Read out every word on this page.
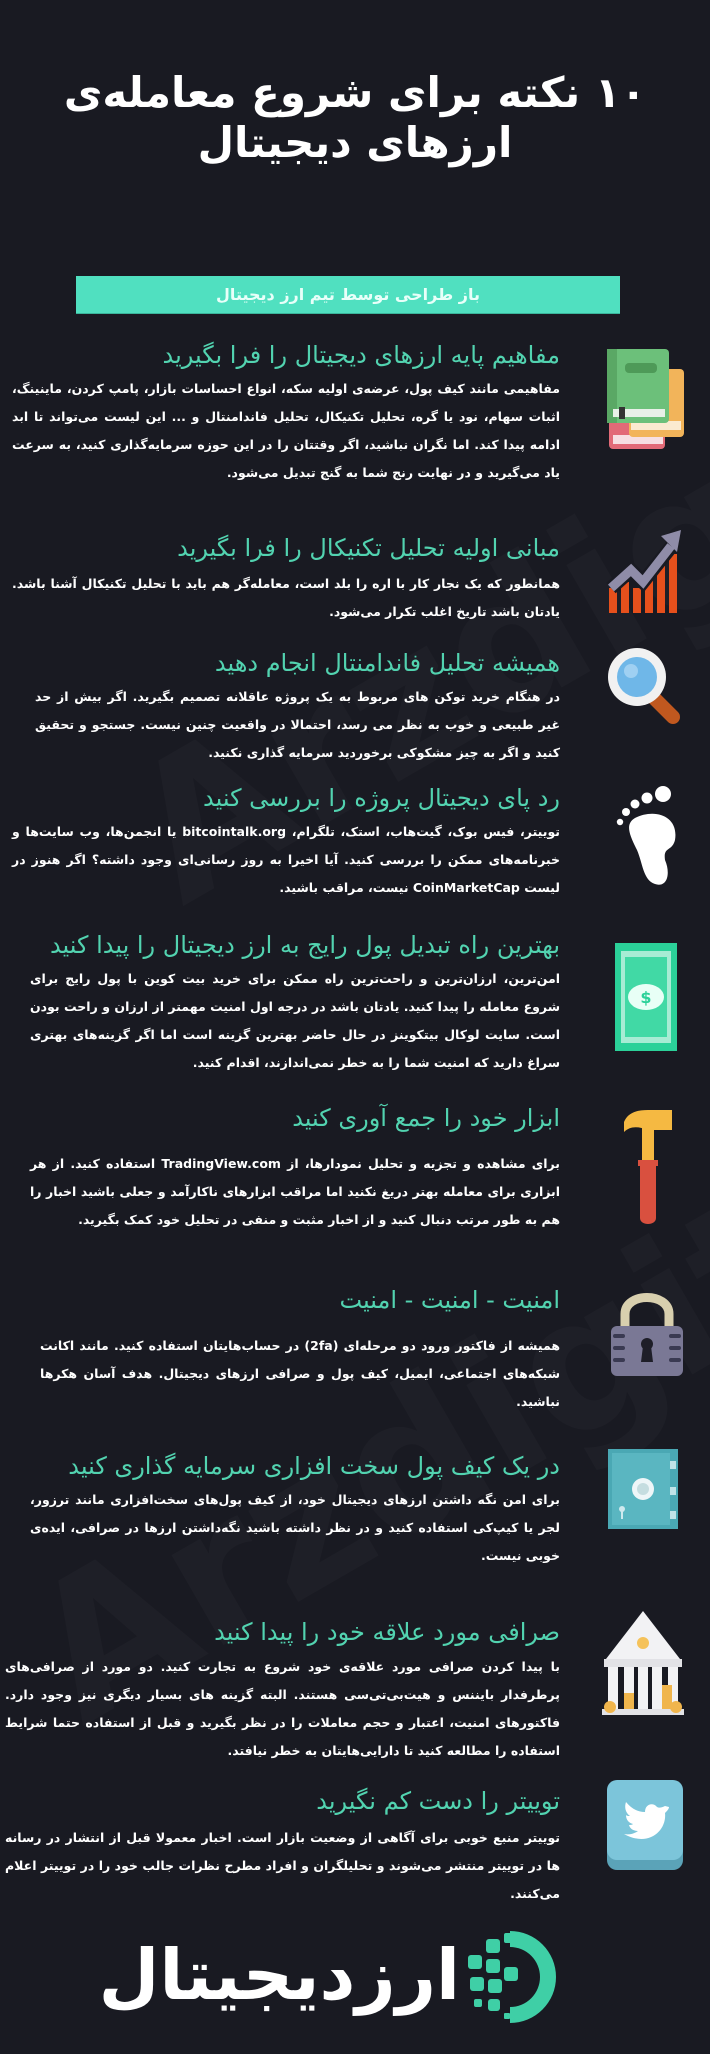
۱۰ نکته برای شروع معامله‌ی
ارزهای دیجیتال
باز طراحی توسط تیم ارز دیجیتال
مفاهیم پایه ارزهای دیجیتال را فرا بگیرید
مفاهیمی مانند کیف پول، عرضه‌ی اولیه سکه، انواع احساسات بازار، پامپ کردن، ماینینگ، اثبات سهام، نود یا گره، تحلیل تکنیکال، تحلیل فاندامنتال و ... این لیست می‌تواند تا ابد ادامه پیدا کند. اما نگران نباشید، اگر وقتتان را در این حوزه سرمایه‌گذاری کنید، به سرعت یاد می‌گیرید و در نهایت رنج شما به گنج تبدیل می‌شود.
مبانی اولیه تحلیل تکنیکال را فرا بگیرید
همانطور که یک نجار کار با اره را بلد است، معامله‌گر هم باید با تحلیل تکنیکال آشنا باشد. یادتان باشد تاریخ اغلب تکرار می‌شود.
همیشه تحلیل فاندامنتال انجام دهید
در هنگام خرید توکن های مربوط به یک پروژه عاقلانه تصمیم بگیرید. اگر بیش از حد غیر طبیعی و خوب به نظر می رسد، احتمالا در واقعیت چنین نیست. جستجو و تحقیق کنید و اگر به چیز مشکوکی برخوردید سرمایه گذاری نکنید.
رد پای دیجیتال پروژه را بررسی کنید
توییتر، فیس بوک، گیت‌هاب، استک، تلگرام، bitcointalk.org یا انجمن‌ها، وب سایت‌ها و خبرنامه‌های ممکن را بررسی کنید. آیا اخیرا به روز رسانی‌ای وجود داشته؟ اگر هنوز در لیست CoinMarketCap نیست، مراقب باشید.
بهترین راه تبدیل پول رایج به ارز دیجیتال را پیدا کنید
امن‌ترین، ارزان‌ترین و راحت‌ترین راه ممکن برای خرید بیت کوین با پول رایج برای شروع معامله را پیدا کنید. یادتان باشد در درجه اول امنیت مهمتر از ارزان و راحت بودن است. سایت لوکال بیتکوینز در حال حاضر بهترین گزینه است اما اگر گزینه‌های بهتری سراغ دارید که امنیت شما را به خطر نمی‌اندازند، اقدام کنید.
$
ابزار خود را جمع آوری کنید
برای مشاهده و تجزیه و تحلیل نمودارها، از TradingView.com استفاده کنید. از هر ابزاری برای معامله بهتر دریغ نکنید اما مراقب ابزارهای ناکارآمد و جعلی باشید اخبار را هم به طور مرتب دنبال کنید و از اخبار مثبت و منفی در تحلیل خود کمک بگیرید.
امنیت - امنیت - امنیت
همیشه از فاکتور ورود دو مرحله‌ای (2fa) در حساب‌هایتان استفاده کنید. مانند اکانت شبکه‌های اجتماعی، ایمیل، کیف پول و صرافی ارزهای دیجیتال. هدف آسان هکرها نباشید.
در یک کیف پول سخت افزاری سرمایه گذاری کنید
برای امن نگه داشتن ارزهای دیجیتال خود، از کیف پول‌های سخت‌افزاری مانند ترزور، لجر یا کیپ‌کی استفاده کنید و در نظر داشته باشید نگه‌داشتن ارزها در صرافی، ایده‌ی خوبی نیست.
صرافی مورد علاقه خود را پیدا کنید
با پیدا کردن صرافی مورد علاقه‌ی خود شروع به تجارت کنید. دو مورد از صرافی‌های پرطرفدار بایننس و هیت‌بی‌تی‌سی هستند. البته گزینه های بسیار دیگری نیز وجود دارد. فاکتورهای امنیت، اعتبار و حجم معاملات را در نظر بگیرید و قبل از استفاده حتما شرایط استفاده را مطالعه کنید تا دارایی‌هایتان به خطر نیافتد.
توییتر را دست کم نگیرید
توییتر منبع خوبی برای آگاهی از وضعیت بازار است. اخبار معمولا قبل از انتشار در رسانه ها در توییتر منتشر می‌شوند و تحلیلگران و افراد مطرح نظرات جالب خود را در توییتر اعلام می‌کنند.
ارزدیجیتال
